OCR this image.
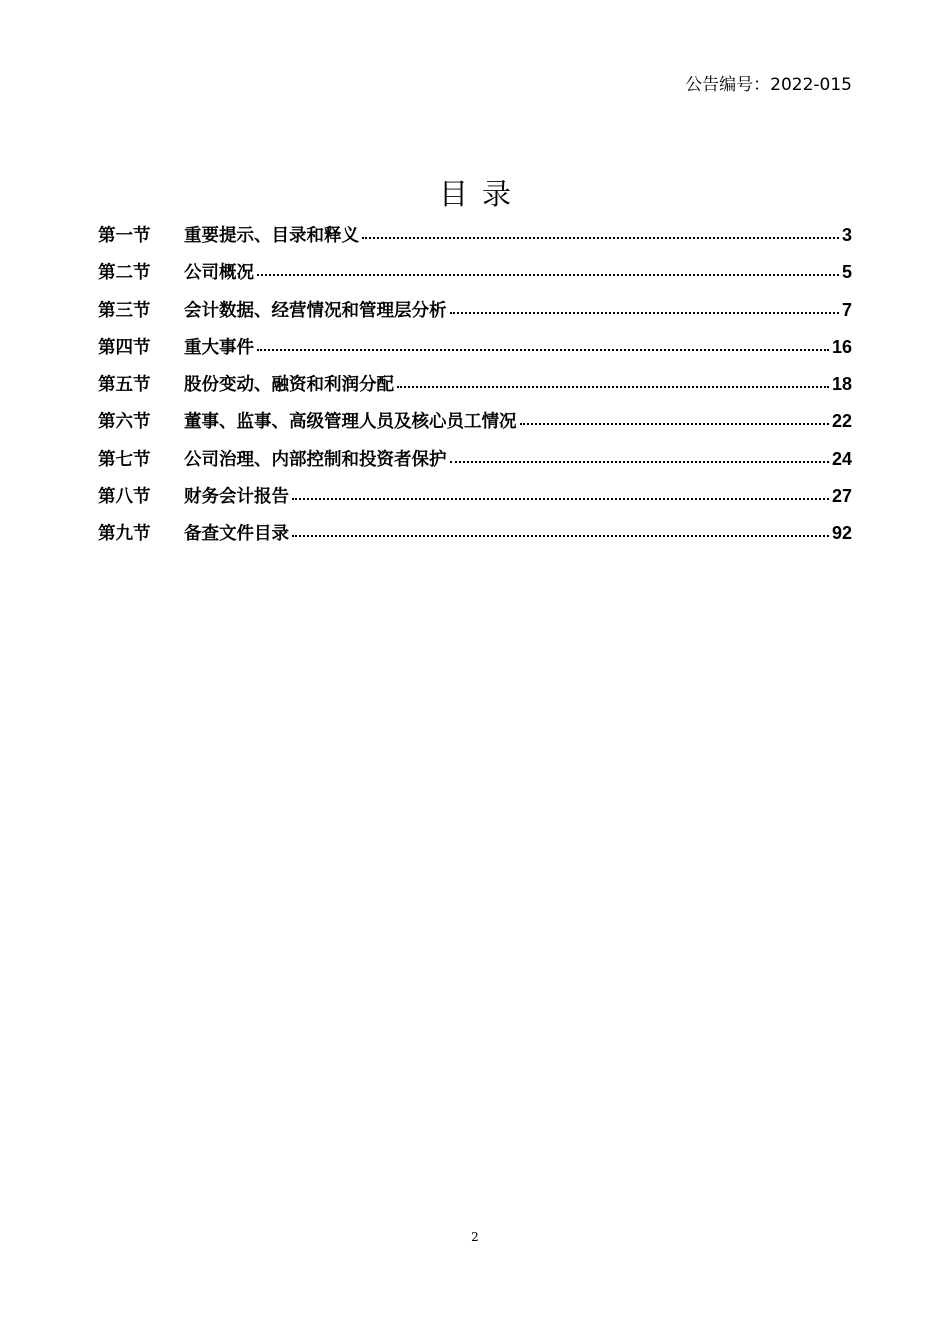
公告编号：2022-015
目录
第一节	重要提示、目录和释义	3
第二节	公司概况	5
第三节	会计数据、经营情况和管理层分析	7
第四节	重大事件	16
第五节	股份变动、融资和利润分配	18
第六节	董事、监事、高级管理人员及核心员工情况	22
第七节	公司治理、内部控制和投资者保护	24
第八节	财务会计报告	27
第九节	备查文件目录	92
2
